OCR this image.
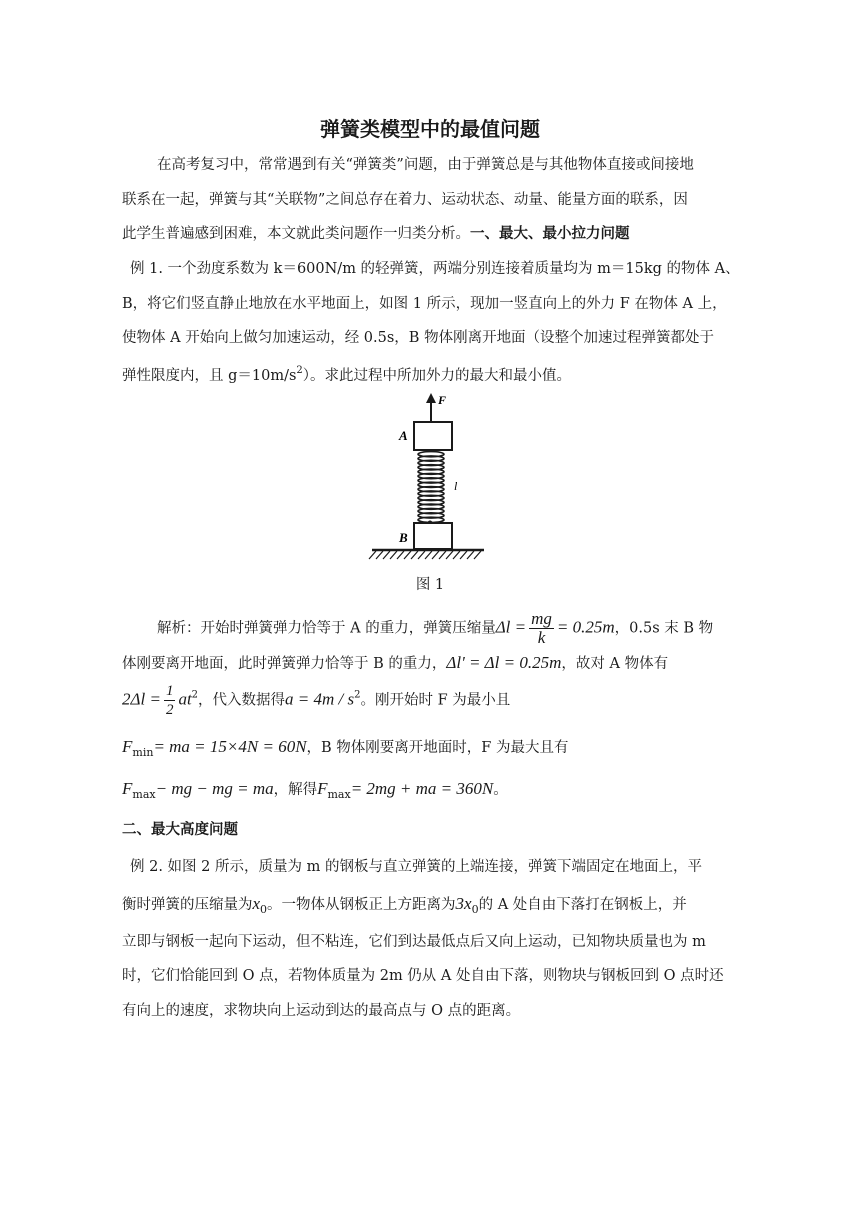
弹簧类模型中的最值问题
在高考复习中，常常遇到有关“弹簧类”问题，由于弹簧总是与其他物体直接或间接地
联系在一起，弹簧与其“关联物”之间总存在着力、运动状态、动量、能量方面的联系，因
此学生普遍感到困难，本文就此类问题作一归类分析。一、最大、最小拉力问题
例 1. 一个劲度系数为 k＝600N/m 的轻弹簧，两端分别连接着质量均为 m＝15kg 的物体 A、
B，将它们竖直静止地放在水平地面上，如图 1 所示，现加一竖直向上的外力 F 在物体 A 上，
使物体 A 开始向上做匀加速运动，经 0.5s，B 物体刚离开地面（设整个加速过程弹簧都处于
弹性限度内，且 $g=10m/s^2$）。求此过程中所加外力的最大和最小值。
F
A
l
B
图 1
解析：开始时弹簧弹力恰等于 A 的重力，弹簧压缩量$\Delta l = \frac{mg}{k} = 0.25m$，0.5s 末 B 物
体刚要离开地面，此时弹簧弹力恰等于 B 的重力，Δl' = Δl = 0.25m，故对 A 物体有
$2\Delta l = \frac{1}{2} at^2$，代入数据得$a = 4m / s^2$。刚开始时 F 为最小且
$F_{min}=$ ma = 15×4N = 60N，B 物体刚要离开地面时，F 为最大且有
$F_{max}-$ mg − mg = ma，解得$F_{max}= 2mg$ + ma = 360N。
二、最大高度问题
例 2. 如图 2 所示，质量为 m 的钢板与直立弹簧的上端连接，弹簧下端固定在地面上，平
衡时弹簧的压缩量为$x_0$。一物体从钢板正上方距离为$3x_0$的 A 处自由下落打在钢板上，并
立即与钢板一起向下运动，但不粘连，它们到达最低点后又向上运动，已知物块质量也为 m
时，它们恰能回到 O 点，若物体质量为 2m 仍从 A 处自由下落，则物块与钢板回到 O 点时还
有向上的速度，求物块向上运动到达的最高点与 O 点的距离。
